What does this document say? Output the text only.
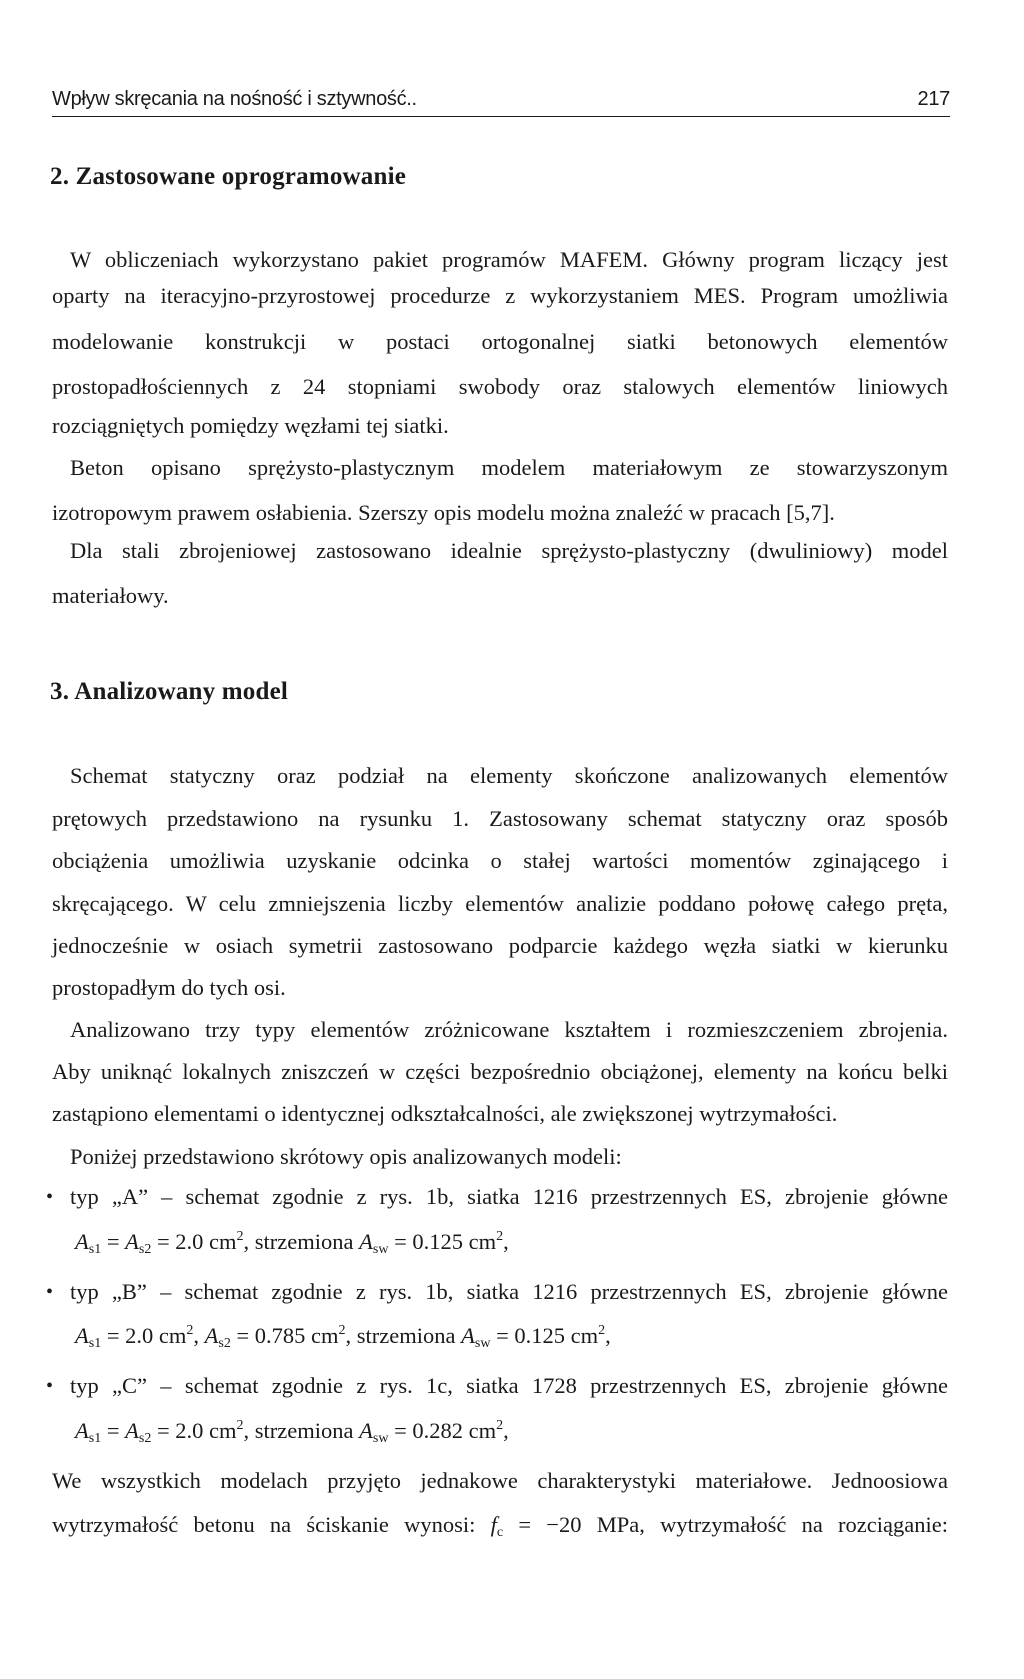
Wpływ skręcania na nośność i sztywność..	217
2. Zastosowane oprogramowanie

W obliczeniach wykorzystano pakiet programów MAFEM. Główny program liczący jest

oparty na iteracyjno-przyrostowej procedurze z wykorzystaniem MES. Program umożliwia

modelowanie konstrukcji w postaci ortogonalnej siatki betonowych elementów

prostopadłościennych z 24 stopniami swobody oraz stalowych elementów liniowych

rozciągniętych pomiędzy węzłami tej siatki.

Beton opisano sprężysto-plastycznym modelem materiałowym ze stowarzyszonym

izotropowym prawem osłabienia. Szerszy opis modelu można znaleźć w pracach [5,7].

Dla stali zbrojeniowej zastosowano idealnie sprężysto-plastyczny (dwuliniowy) model

materiałowy.

3. Analizowany model

Schemat statyczny oraz podział na elementy skończone analizowanych elementów

prętowych przedstawiono na rysunku 1. Zastosowany schemat statyczny oraz sposób

obciążenia umożliwia uzyskanie odcinka o stałej wartości momentów zginającego i

skręcającego. W celu zmniejszenia liczby elementów analizie poddano połowę całego pręta,

jednocześnie w osiach symetrii zastosowano podparcie każdego węzła siatki w kierunku

prostopadłym do tych osi.

Analizowano trzy typy elementów zróżnicowane kształtem i rozmieszczeniem zbrojenia.

Aby uniknąć lokalnych zniszczeń w części bezpośrednio obciążonej, elementy na końcu belki

zastąpiono elementami o identycznej odkształcalności, ale zwiększonej wytrzymałości.

Poniżej przedstawiono skrótowy opis analizowanych modeli:

• typ „A” – schemat zgodnie z rys. 1b, siatka 1216 przestrzennych ES, zbrojenie główne

$A_{s1} = A_{s2} = 2.0$ $cm^2$, strzemiona $A_{sw} = 0.125$ $cm^2$,

• typ „B” – schemat zgodnie z rys. 1b, siatka 1216 przestrzennych ES, zbrojenie główne

$A_{s1} = 2.0$ $cm^2$, $A_{s2} = 0.785$ $cm^2$, strzemiona $A_{sw} = 0.125$ $cm^2$,

• typ „C” – schemat zgodnie z rys. 1c, siatka 1728 przestrzennych ES, zbrojenie główne

$A_{s1} = A_{s2} = 2.0$ $cm^2$, strzemiona $A_{sw} = 0.282$ $cm^2$,

We wszystkich modelach przyjęto jednakowe charakterystyki materiałowe. Jednoosiowa

wytrzymałość betonu na ściskanie wynosi: $f_c = -20$ MPa, wytrzymałość na rozciąganie:
